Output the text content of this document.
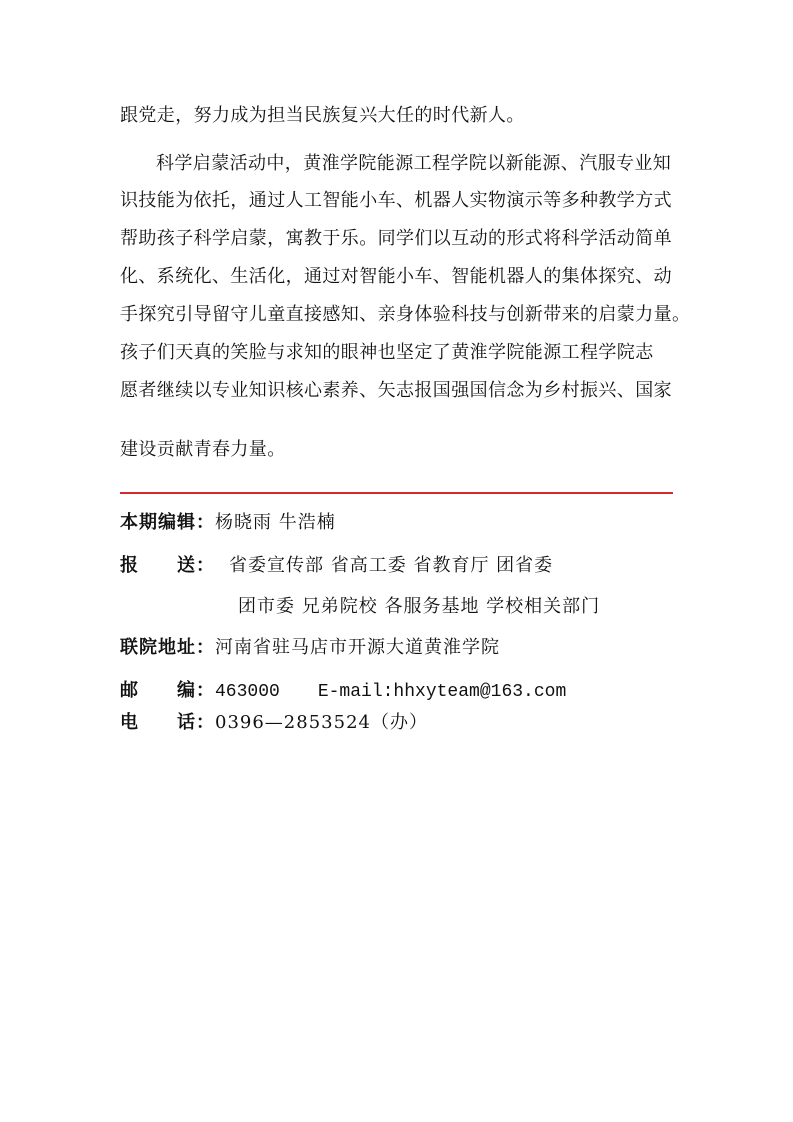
跟党走，努力成为担当民族复兴大任的时代新人。
科学启蒙活动中，黄淮学院能源工程学院以新能源、汽服专业知
识技能为依托，通过人工智能小车、机器人实物演示等多种教学方式
帮助孩子科学启蒙，寓教于乐。同学们以互动的形式将科学活动简单
化、系统化、生活化，通过对智能小车、智能机器人的集体探究、动
手探究引导留守儿童直接感知、亲身体验科技与创新带来的启蒙力量。
孩子们天真的笑脸与求知的眼神也坚定了黄淮学院能源工程学院志
愿者继续以专业知识核心素养、矢志报国强国信念为乡村振兴、国家
建设贡献青春力量。
本期编辑：杨晓雨 牛浩楠
报　　送： 省委宣传部 省高工委 省教育厅 团省委
团市委 兄弟院校 各服务基地 学校相关部门
联院地址：河南省驻马店市开源大道黄淮学院
邮　　编：463000 E-mail:hhxyteam@163.com
电　　话：0396—2853524（办）
